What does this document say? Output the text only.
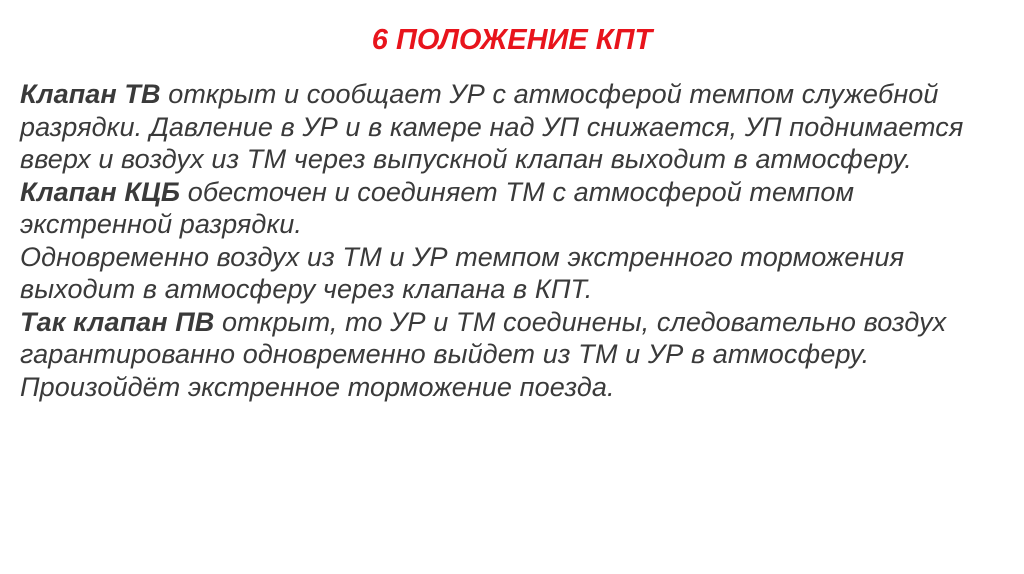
6 ПОЛОЖЕНИЕ КПТ

Клапан ТВ открыт и сообщает УР с атмосферой темпом служебной разрядки. Давление в УР и в камере над УП снижается, УП поднимается вверх и воздух из ТМ через выпускной клапан выходит в атмосферу.

Клапан КЦБ обесточен и соединяет ТМ с атмосферой темпом экстренной разрядки.

Одновременно воздух из ТМ и УР темпом экстренного торможения выходит в атмосферу через клапана в КПТ.

Так клапан ПВ открыт, то УР и ТМ соединены, следовательно воздух гарантированно одновременно выйдет из ТМ и УР в атмосферу.

Произойдёт экстренное торможение поезда.
